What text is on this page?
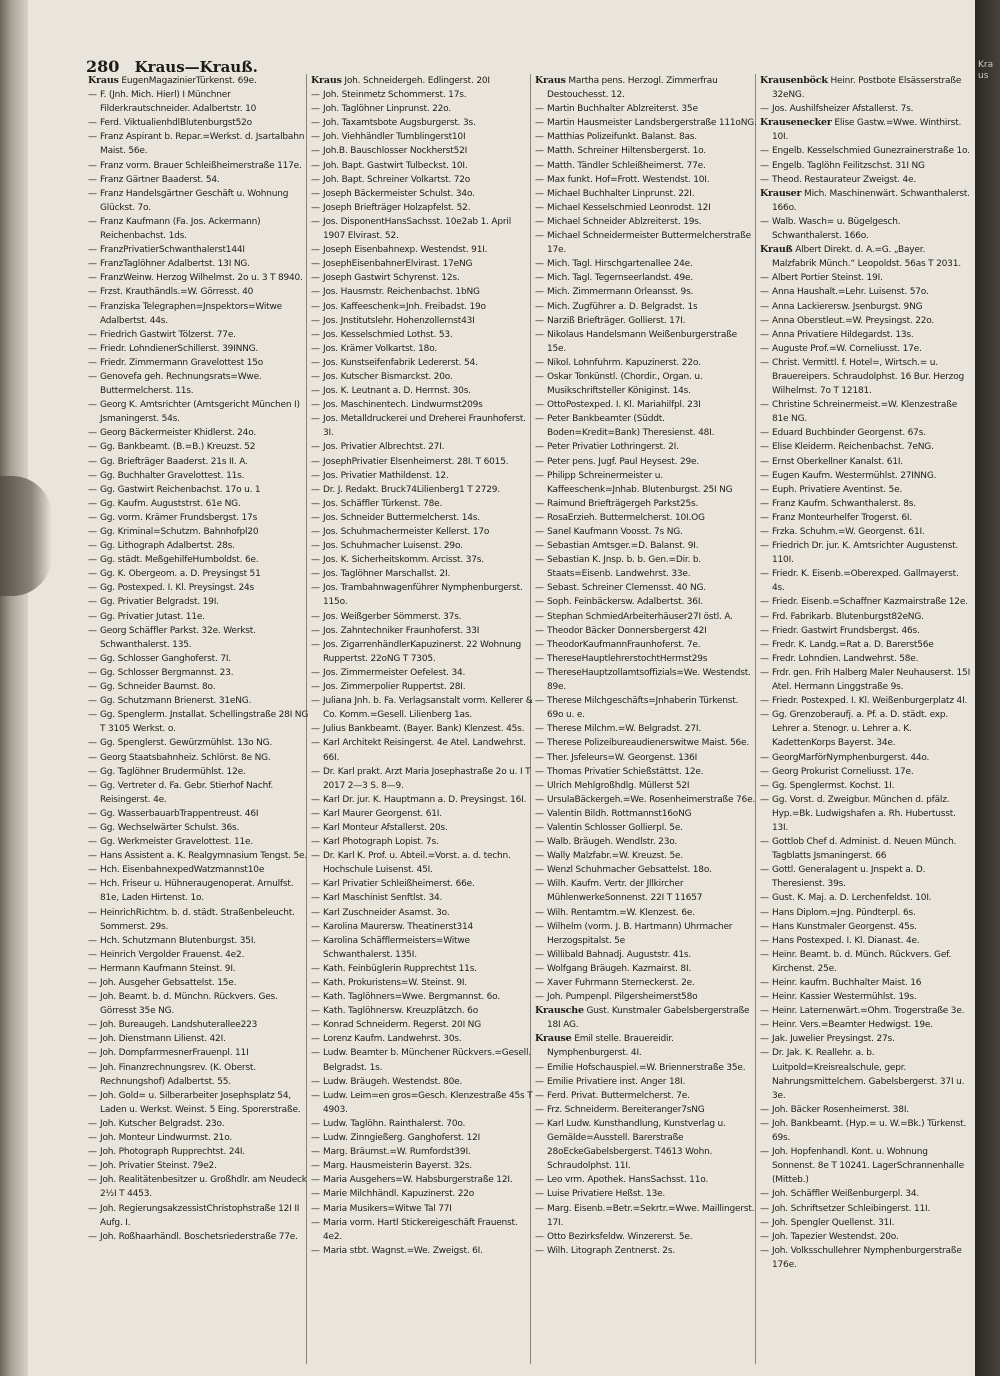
280 Kraus—Krauß.
Kraus EugenMagazinierTürkenst. 69e.
— F. (Jnh. Mich. Hierl) I Münchner Filderkrautschneider. Adalbertstr. 10
— Ferd. ViktualienhdlBlutenburgst52o
— Franz Aspirant b. Repar.=Werkst. d. Jsartalbahn Maist. 56e.
— Franz vorm. Brauer Schleißheimerstraße 117e.
— Franz Gärtner Baaderst. 54.
— Franz Handelsgärtner Geschäft u. Wohnung Glückst. 7o.
— Franz Kaufmann (Fa. Jos. Ackermann) Reichenbachst. 1ds.
— FranzPrivatierSchwanthalerst144I
— FranzTaglöhner Adalbertst. 13I NG.
— FranzWeinw. Herzog Wilhelmst. 2o u. 3 T 8940.
— Frzst. Krauthändls.=W. Görresst. 40
— Franziska Telegraphen=Jnspektors=Witwe Adalbertst. 44s.
— Friedrich Gastwirt Tölzerst. 77e.
— Friedr. LohndienerSchillerst. 39INNG.
— Friedr. Zimmermann Gravelottest 15o
— Genovefa geh. Rechnungsrats=Wwe. Buttermelcherst. 11s.
— Georg K. Amtsrichter (Amtsgericht München I) Jsmaningerst. 54s.
— Georg Bäckermeister Khidlerst. 24o.
— Gg. Bankbeamt. (B.=B.) Kreuzst. 52
— Gg. Briefträger Baaderst. 21s II. A.
— Gg. Buchhalter Gravelottest. 11s.
— Gg. Gastwirt Reichenbachst. 17o u. 1
— Gg. Kaufm. Auguststrst. 61e NG.
— Gg. vorm. Krämer Frundsbergst. 17s
— Gg. Kriminal=Schutzm. Bahnhofpl20
— Gg. Lithograph Adalbertst. 28s.
— Gg. städt. MeßgehilfeHumboldst. 6e.
— Gg. K. Obergeom. a. D. Preysingst 51
— Gg. Postexped. I. Kl. Preysingst. 24s
— Gg. Privatier Belgradst. 19I.
— Gg. Privatier Jutast. 11e.
— Georg Schäffler Parkst. 32e. Werkst. Schwanthalerst. 135.
— Gg. Schlosser Ganghoferst. 7I.
— Gg. Schlosser Bergmannst. 23.
— Gg. Schneider Baumst. 8o.
— Gg. Schutzmann Brienerst. 31eNG.
— Gg. Spenglerm. Jnstallat. Schellingstraße 28I NG T 3105 Werkst. o.
— Gg. Spenglerst. Gewürzmühlst. 13o NG.
— Georg Staatsbahnheiz. Schlörst. 8e NG.
— Gg. Taglöhner Brudermühlst. 12e.
— Gg. Vertreter d. Fa. Gebr. Stierhof Nachf. Reisingerst. 4e.
— Gg. WasserbauarbTrappentreust. 46I
— Gg. Wechselwärter Schulst. 36s.
— Gg. Werkmeister Gravelottest. 11e.
— Hans Assistent a. K. Realgymnasium Tengst. 5e.
— Hch. EisenbahnexpedWatzmannst10e
— Hch. Friseur u. Hühneraugenoperat. Arnulfst. 81e, Laden Hirtenst. 1o.
— HeinrichRichtm. b. d. städt. Straßenbeleucht. Sommerst. 29s.
— Hch. Schutzmann Blutenburgst. 35I.
— Heinrich Vergolder Frauenst. 4e2.
— Hermann Kaufmann Steinst. 9I.
— Joh. Ausgeher Gebsattelst. 15e.
— Joh. Beamt. b. d. Münchn. Rückvers. Ges. Görresst 35e NG.
— Joh. Bureaugeh. Landshuterallee223
— Joh. Dienstmann Lilienst. 42I.
— Joh. DompfarrmesnerFrauenpl. 11I
— Joh. Finanzrechnungsrev. (K. Oberst. Rechnungshof) Adalbertst. 55.
— Joh. Gold= u. Silberarbeiter Josephsplatz 54, Laden u. Werkst. Weinst. 5 Eing. Sporerstraße.
— Joh. Kutscher Belgradst. 23o.
— Joh. Monteur Lindwurmst. 21o.
— Joh. Photograph Rupprechtst. 24I.
— Joh. Privatier Steinst. 79e2.
— Joh. Realitätenbesitzer u. Großhdlr. am Neudeck 2½I T 4453.
— Joh. RegierungsakzessistChristophstraße 12I II Aufg. I.
— Joh. Roßhaarhändl. Boschetsriederstraße 77e.
Kraus Joh. Schneidergeh. Edlingerst. 20I
— Joh. Steinmetz Schommerst. 17s.
— Joh. Taglöhner Linprunst. 22o.
— Joh. Taxamtsbote Augsburgerst. 3s.
— Joh. Viehhändler Tumblingerst10I
— Joh.B. Bauschlosser Nockherst52I
— Joh. Bapt. Gastwirt Tulbeckst. 10I.
— Joh. Bapt. Schreiner Volkartst. 72o
— Joseph Bäckermeister Schulst. 34o.
— Joseph Briefträger Holzapfelst. 52.
— Jos. DisponentHansSachsst. 10e2ab 1. April 1907 Elvirast. 52.
— Joseph Eisenbahnexp. Westendst. 91I.
— JosephEisenbahnerElvirast. 17eNG
— Joseph Gastwirt Schyrenst. 12s.
— Jos. Hausmstr. Reichenbachst. 1bNG
— Jos. Kaffeeschenk=Jnh. Freibadst. 19o
— Jos. Jnstitutslehr. Hohenzollernst43I
— Jos. Kesselschmied Lothst. 53.
— Jos. Krämer Volkartst. 18o.
— Jos. Kunstseifenfabrik Ledererst. 54.
— Jos. Kutscher Bismarckst. 20o.
— Jos. K. Leutnant a. D. Herrnst. 30s.
— Jos. Maschinentech. Lindwurmst209s
— Jos. Metalldruckerei und Dreherei Fraunhoferst. 3I.
— Jos. Privatier Albrechtst. 27I.
— JosephPrivatier Elsenheimerst. 28I. T 6015.
— Jos. Privatier Mathildenst. 12.
— Dr. J. Redakt. Bruck74Lilienberg1 T 2729.
— Jos. Schäffler Türkenst. 78e.
— Jos. Schneider Buttermelcherst. 14s.
— Jos. Schuhmachermeister Kellerst. 17o
— Jos. Schuhmacher Luisenst. 29o.
— Jos. K. Sicherheitskomm. Arcisst. 37s.
— Jos. Taglöhner Marschallst. 2I.
— Jos. Trambahnwagenführer Nymphenburgerst. 115o.
— Jos. Weißgerber Sömmerst. 37s.
— Jos. Zahntechniker Fraunhoferst. 33I
— Jos. ZigarrenhändlerKapuzinerst. 22 Wohnung Ruppertst. 22oNG T 7305.
— Jos. Zimmermeister Oefelest. 34.
— Jos. Zimmerpolier Ruppertst. 28I.
— Juliana Jnh. b. Fa. Verlagsanstalt vorm. Kellerer & Co. Komm.=Gesell. Lilienberg 1as.
— Julius Bankbeamt. (Bayer. Bank) Klenzest. 45s.
— Karl Architekt Reisingerst. 4e Atel. Landwehrst. 66I.
— Dr. Karl prakt. Arzt Maria Josephastraße 2o u. I T 2017 2—3 S. 8—9.
— Karl Dr. jur. K. Hauptmann a. D. Preysingst. 16I.
— Karl Maurer Georgenst. 61I.
— Karl Monteur Afstallerst. 20s.
— Karl Photograph Lopist. 7s.
— Dr. Karl K. Prof. u. Abteil.=Vorst. a. d. techn. Hochschule Luisenst. 45I.
— Karl Privatier Schleißheimerst. 66e.
— Karl Maschinist Senftlst. 34.
— Karl Zuschneider Asamst. 3o.
— Karolina Maurersw. Theatinerst314
— Karolina Schäfflermeisters=Witwe Schwanthalerst. 135I.
— Kath. Feinbüglerin Rupprechtst 11s.
— Kath. Prokuristens=W. Steinst. 9I.
— Kath. Taglöhners=Wwe. Bergmannst. 6o.
— Kath. Taglöhnersw. Kreuzplätzch. 6o
— Konrad Schneiderm. Regerst. 20I NG
— Lorenz Kaufm. Landwehrst. 30s.
— Ludw. Beamter b. Münchener Rückvers.=Gesell. Belgradst. 1s.
— Ludw. Bräugeh. Westendst. 80e.
— Ludw. Leim=en gros=Gesch. Klenzestraße 45s T 4903.
— Ludw. Taglöhn. Rainthalerst. 70o.
— Ludw. Zinngießerg. Ganghoferst. 12I
— Marg. Bräumst.=W. Rumfordst39I.
— Marg. Hausmeisterin Bayerst. 32s.
— Maria Ausgehers=W. Habsburgerstraße 12I.
— Marie Milchhändl. Kapuzinerst. 22o
— Maria Musikers=Witwe Tal 77I
— Maria vorm. Hartl Stickereigeschäft Frauenst. 4e2.
— Maria stbt. Wagnst.=We. Zweigst. 6I.
Kraus Martha pens. Herzogl. Zimmerfrau Destouchesst. 12.
— Martin Buchhalter Ablzreiterst. 35e
— Martin Hausmeister Landsbergerstraße 111oNG.
— Matthias Polizeifunkt. Balanst. 8as.
— Matth. Schreiner Hiltensbergerst. 1o.
— Matth. Tändler Schleißheimerst. 77e.
— Max funkt. Hof=Frott. Westendst. 10I.
— Michael Buchhalter Linprunst. 22I.
— Michael Kesselschmied Leonrodst. 12I
— Michael Schneider Ablzreiterst. 19s.
— Michael Schneidermeister Buttermelcherstraße 17e.
— Mich. Tagl. Hirschgartenallee 24e.
— Mich. Tagl. Tegernseerlandst. 49e.
— Mich. Zimmermann Orleansst. 9s.
— Mich. Zugführer a. D. Belgradst. 1s
— Narziß Briefträger. Gollierst. 17I.
— Nikolaus Handelsmann Weißenburgerstraße 15e.
— Nikol. Lohnfuhrm. Kapuzinerst. 22o.
— Oskar Tonkünstl. (Chordir., Organ. u. Musikschriftsteller Königinst. 14s.
— OttoPostexped. I. Kl. Mariahilfpl. 23I
— Peter Bankbeamter (Süddt. Boden=Kredit=Bank) Theresienst. 48I.
— Peter Privatier Lothringerst. 2I.
— Peter pens. Jugf. Paul Heysest. 29e.
— Philipp Schreinermeister u. Kaffeeschenk=Jnhab. Blutenburgst. 25I NG
— Raimund Briefträgergeh Parkst25s.
— RosaErzieh. Buttermelcherst. 10I.OG
— Sanel Kaufmann Voosst. 7s NG.
— Sebastian Amtsger.=D. Balanst. 9I.
— Sebastian K. Jnsp. b. b. Gen.=Dir. b. Staats=Eisenb. Landwehrst. 33e.
— Sebast. Schreiner Clemensst. 40 NG.
— Soph. Feinbäckersw. Adalbertst. 36I.
— Stephan SchmiedArbeiterhäuser27I östl. A.
— Theodor Bäcker Donnersbergerst 42I
— TheodorKaufmannFraunhoferst. 7e.
— ThereseHauptlehrerstochtHerrnst29s
— ThereseHauptzollamtsoffizials=We. Westendst. 89e.
— Therese Milchgeschäfts=Jnhaberin Türkenst. 69o u. e.
— Therese Milchm.=W. Belgradst. 27I.
— Therese Polizeibureaudienerswitwe Maist. 56e.
— Ther. Jsfeleurs=W. Georgenst. 136I
— Thomas Privatier Schießstättst. 12e.
— Ulrich Mehlgroßhdlg. Müllerst 52I
— UrsulaBäckergeh.=We. Rosenheimerstraße 76e.
— Valentin Bildh. Rottmannst16oNG
— Valentin Schlosser Gollierpl. 5e.
— Walb. Bräugeh. Wendlstr. 23o.
— Wally Malzfabr.=W. Kreuzst. 5e.
— Wenzl Schuhmacher Gebsattelst. 18o.
— Wilh. Kaufm. Vertr. der Jllkircher MühlenwerkeSonnenst. 22I T 11657
— Wilh. Rentamtm.=W. Klenzest. 6e.
— Wilhelm (vorm. J. B. Hartmann) Uhrmacher Herzogspitalst. 5e
— Willibald Bahnadj. Auguststr. 41s.
— Wolfgang Bräugeh. Kazmairst. 8I.
— Xaver Fuhrmann Sterneckerst. 2e.
— Joh. Pumpenpl. Pilgersheimerst58o
Krausche Gust. Kunstmaler Gabelsbergerstraße 18I AG.
Krause Emil stelle. Brauereidir. Nymphenburgerst. 4I.
— Emilie Hofschauspiel.=W. Briennerstraße 35e.
— Emilie Privatiere inst. Anger 18I.
— Ferd. Privat. Buttermelcherst. 7e.
— Frz. Schneiderm. Bereiteranger7sNG
— Karl Ludw. Kunsthandlung, Kunstverlag u. Gemälde=Ausstell. Barerstraße 28oEckeGabelsbergerst. T4613 Wohn. Schraudolphst. 11I.
— Leo vrm. Apothek. HansSachsst. 11o.
— Luise Privatiere Heßst. 13e.
— Marg. Eisenb.=Betr.=Sekrtr.=Wwe. Maillingerst. 17I.
— Otto Bezirksfeldw. Winzererst. 5e.
— Wilh. Litograph Zentnerst. 2s.
Krausenböck Heinr. Postbote Elsässerstraße 32eNG.
— Jos. Aushilfsheizer Afstallerst. 7s.
Krausenecker Elise Gastw.=Wwe. Winthirst. 10I.
— Engelb. Kesselschmied Gunezrainerstraße 1o.
— Engelb. Taglöhn Feilitzschst. 31I NG
— Theod. Restaurateur Zweigst. 4e.
Krauser Mich. Maschinenwärt. Schwanthalerst. 166o.
— Walb. Wasch= u. Bügelgesch. Schwanthalerst. 166o.
Krauß Albert Direkt. d. A.=G. „Bayer. Malzfabrik Münch.“ Leopoldst. 56as T 2031.
— Albert Portier Steinst. 19I.
— Anna Haushalt.=Lehr. Luisenst. 57o.
— Anna Lackierersw. Jsenburgst. 9NG
— Anna Oberstleut.=W. Preysingst. 22o.
— Anna Privatiere Hildegardst. 13s.
— Auguste Prof.=W. Corneliusst. 17e.
— Christ. Vermittl. f. Hotel=, Wirtsch.= u. Brauereipers. Schraudolphst. 16 Bur. Herzog Wilhelmst. 7o T 12181.
— Christine Schreinermeist.=W. Klenzestraße 81e NG.
— Eduard Buchbinder Georgenst. 67s.
— Elise Kleiderm. Reichenbachst. 7eNG.
— Ernst Oberkellner Kanalst. 61I.
— Eugen Kaufm. Westermühlst. 27INNG.
— Euph. Privatiere Aventinst. 5e.
— Franz Kaufm. Schwanthalerst. 8s.
— Franz Monteurhelfer Trogerst. 6I.
— Frzka. Schuhm.=W. Georgenst. 61I.
— Friedrich Dr. jur. K. Amtsrichter Augustenst. 110I.
— Friedr. K. Eisenb.=Oberexped. Gallmayerst. 4s.
— Friedr. Eisenb.=Schaffner Kazmairstraße 12e.
— Frd. Fabrikarb. Blutenburgst82eNG.
— Friedr. Gastwirt Frundsbergst. 46s.
— Fredr. K. Landg.=Rat a. D. Barerst56e
— Fredr. Lohndien. Landwehrst. 58e.
— Frdr. gen. Frih Halberg Maler Neuhauserst. 15I Atel. Hermann Linggstraße 9s.
— Friedr. Postexped. I. Kl. Weißenburgerplatz 4I.
— Gg. Grenzoberaufj. a. Pf. a. D. städt. exp. Lehrer a. Stenogr. u. Lehrer a. K. KadettenKorps Bayerst. 34e.
— GeorgMarförNymphenburgerst. 44o.
— Georg Prokurist Corneliusst. 17e.
— Gg. Spenglermst. Kochst. 1I.
— Gg. Vorst. d. Zweigbur. München d. pfälz. Hyp.=Bk. Ludwigshafen a. Rh. Hubertusst. 13I.
— Gottlob Chef d. Administ. d. Neuen Münch. Tagblatts Jsmaningerst. 66
— Gottl. Generalagent u. Jnspekt a. D. Theresienst. 39s.
— Gust. K. Maj. a. D. Lerchenfeldst. 10I.
— Hans Diplom.=Jng. Pündterpl. 6s.
— Hans Kunstmaler Georgenst. 45s.
— Hans Postexped. I. Kl. Dianast. 4e.
— Heinr. Beamt. b. d. Münch. Rückvers. Gef. Kirchenst. 25e.
— Heinr. kaufm. Buchhalter Maist. 16
— Heinr. Kassier Westermühlst. 19s.
— Heinr. Laternenwärt.=Ohm. Trogerstraße 3e.
— Heinr. Vers.=Beamter Hedwigst. 19e.
— Jak. Juwelier Preysingst. 27s.
— Dr. Jak. K. Reallehr. a. b. Luitpold=Kreisrealschule, gepr. Nahrungsmittelchem. Gabelsbergerst. 37I u. 3e.
— Joh. Bäcker Rosenheimerst. 38I.
— Joh. Bankbeamt. (Hyp.= u. W.=Bk.) Türkenst. 69s.
— Joh. Hopfenhandl. Kont. u. Wohnung Sonnenst. 8e T 10241. LagerSchrannenhalle (Mitteb.)
— Joh. Schäffler Weißenburgerpl. 34.
— Joh. Schriftsetzer Schleibingerst. 11I.
— Joh. Spengler Quellenst. 31I.
— Joh. Tapezier Westendst. 20o.
— Joh. Volksschullehrer Nymphenburgerstraße 176e.
Kraus
